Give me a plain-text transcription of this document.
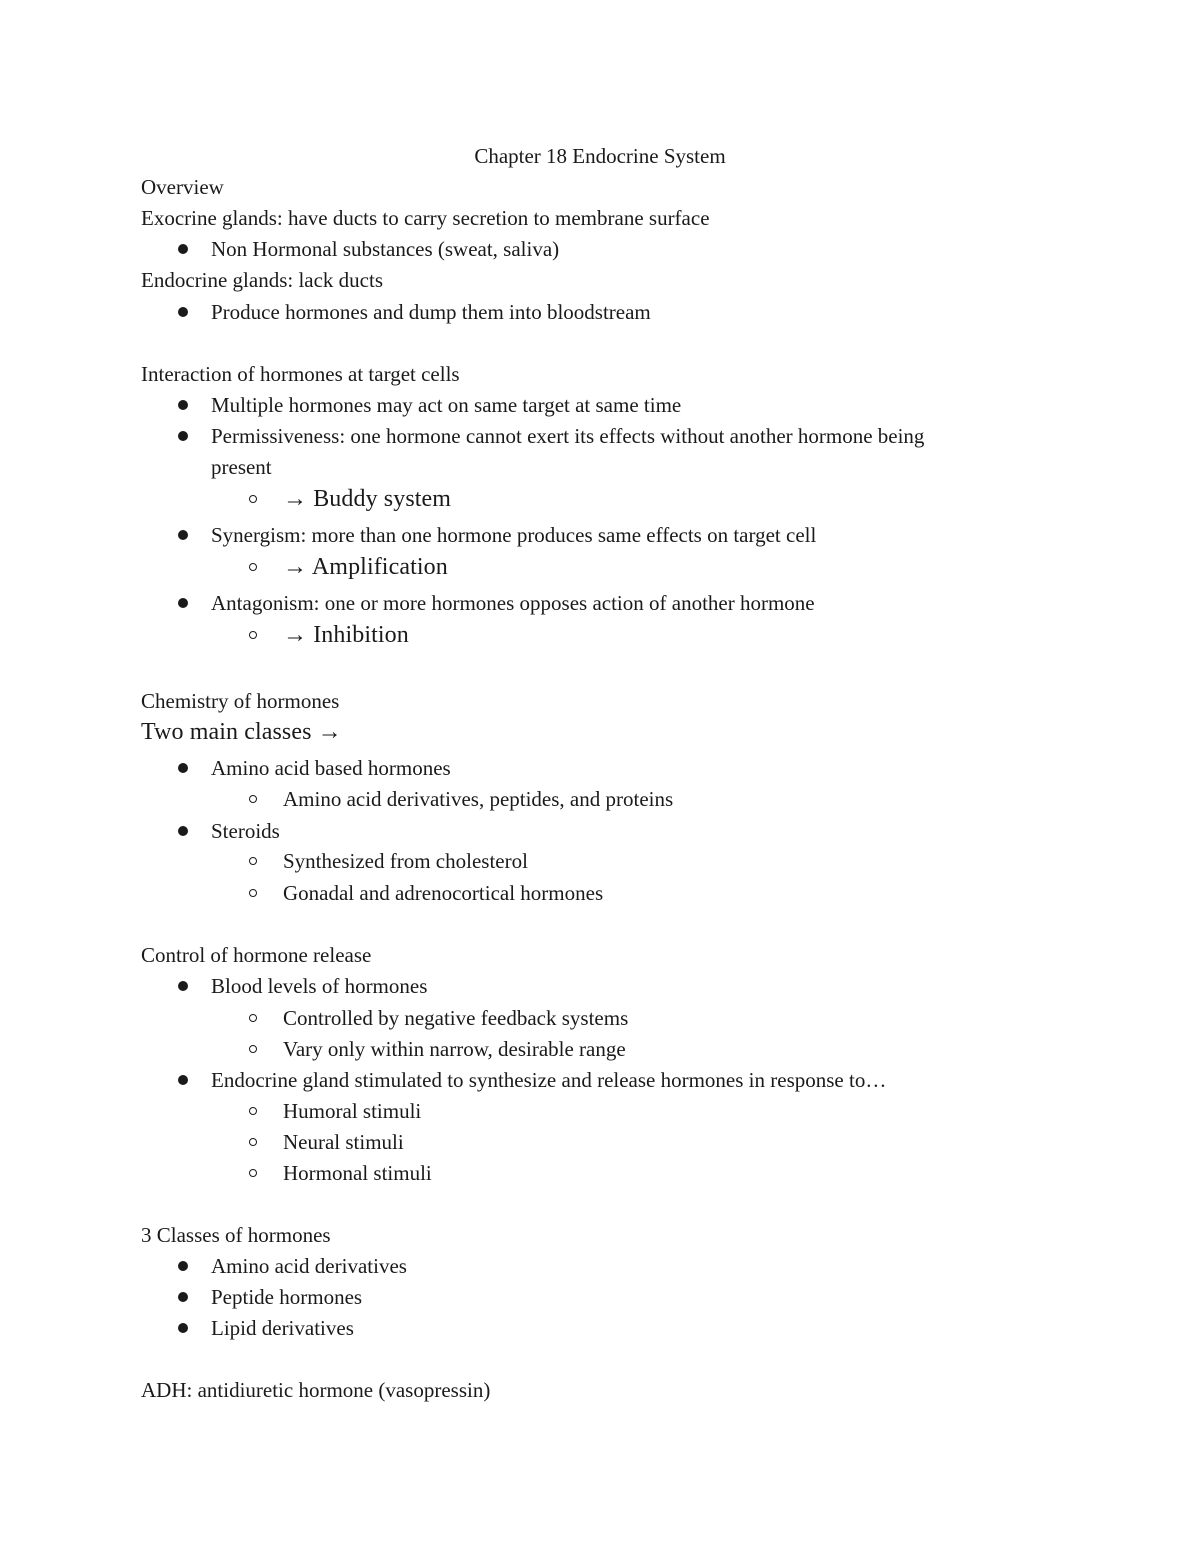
Chapter 18 Endocrine System
Overview
Exocrine glands: have ducts to carry secretion to membrane surface
Non Hormonal substances (sweat, saliva)
Endocrine glands: lack ducts
Produce hormones and dump them into bloodstream
Interaction of hormones at target cells
Multiple hormones may act on same target at same time
Permissiveness: one hormone cannot exert its effects without another hormone being
present
→ Buddy system
Synergism: more than one hormone produces same effects on target cell
→ Amplification
Antagonism: one or more hormones opposes action of another hormone
→ Inhibition
Chemistry of hormones
Two main classes →
Amino acid based hormones
Amino acid derivatives, peptides, and proteins
Steroids
Synthesized from cholesterol
Gonadal and adrenocortical hormones
Control of hormone release
Blood levels of hormones
Controlled by negative feedback systems
Vary only within narrow, desirable range
Endocrine gland stimulated to synthesize and release hormones in response to…
Humoral stimuli
Neural stimuli
Hormonal stimuli
3 Classes of hormones
Amino acid derivatives
Peptide hormones
Lipid derivatives
ADH: antidiuretic hormone (vasopressin)
